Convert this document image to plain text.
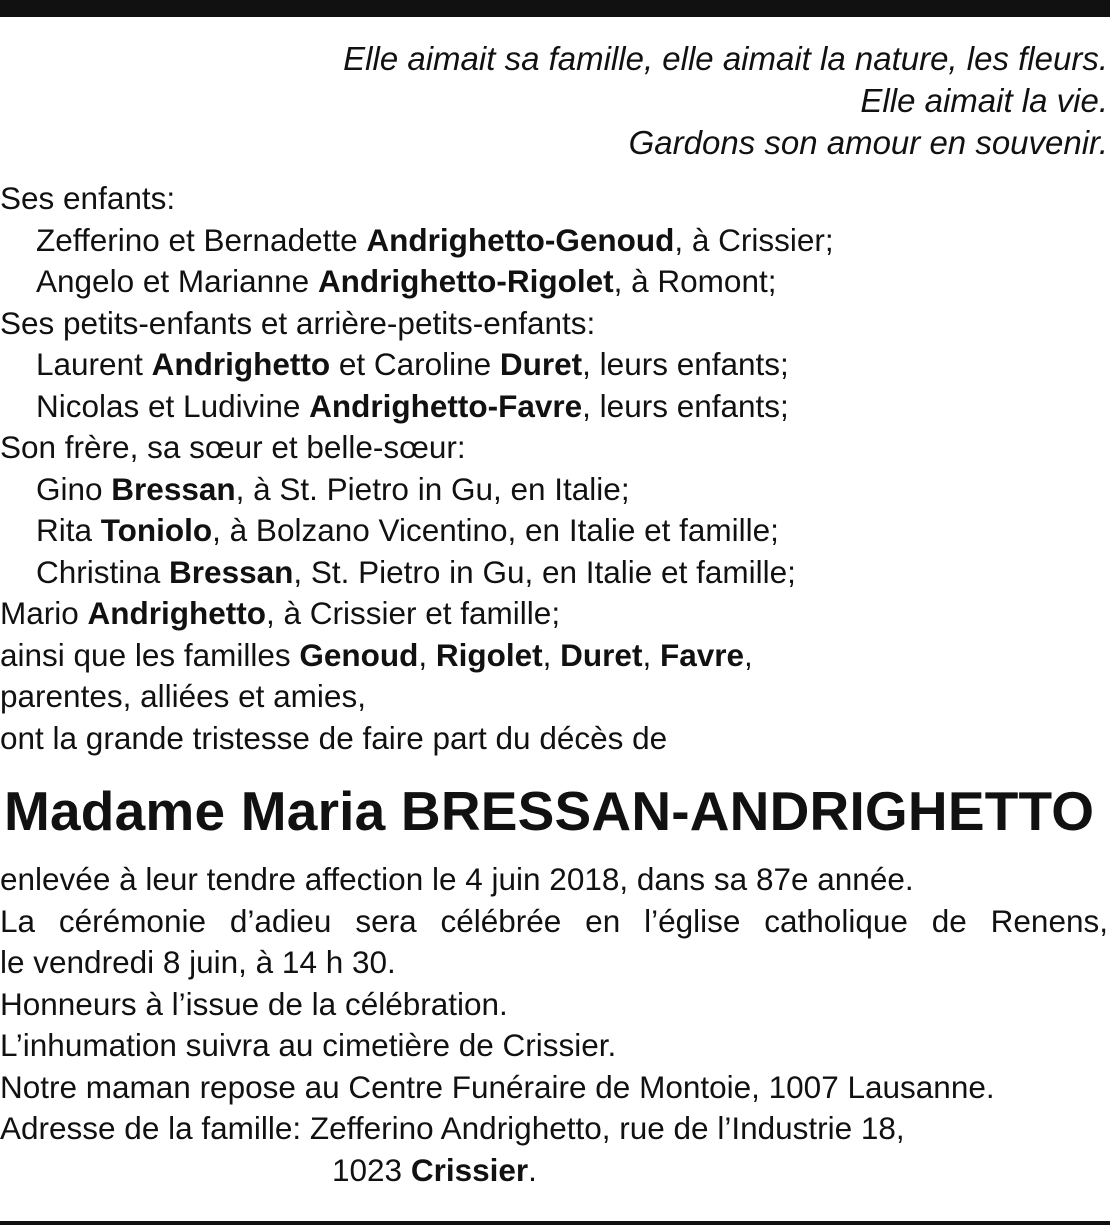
Elle aimait sa famille, elle aimait la nature, les fleurs.
Elle aimait la vie.
Gardons son amour en souvenir.
Ses enfants:
Zefferino et Bernadette Andrighetto-Genoud, à Crissier;
Angelo et Marianne Andrighetto-Rigolet, à Romont;
Ses petits-enfants et arrière-petits-enfants:
Laurent Andrighetto et Caroline Duret, leurs enfants;
Nicolas et Ludivine Andrighetto-Favre, leurs enfants;
Son frère, sa sœur et belle-sœur:
Gino Bressan, à St. Pietro in Gu, en Italie;
Rita Toniolo, à Bolzano Vicentino, en Italie et famille;
Christina Bressan, St. Pietro in Gu, en Italie et famille;
Mario Andrighetto, à Crissier et famille;
ainsi que les familles Genoud, Rigolet, Duret, Favre,
parentes, alliées et amies,
ont la grande tristesse de faire part du décès de
Madame Maria BRESSAN-ANDRIGHETTO
enlevée à leur tendre affection le 4 juin 2018, dans sa 87e année.
La cérémonie d’adieu sera célébrée en l’église catholique de Renens,
le vendredi 8 juin, à 14 h 30.
Honneurs à l’issue de la célébration.
L’inhumation suivra au cimetière de Crissier.
Notre maman repose au Centre Funéraire de Montoie, 1007 Lausanne.
Adresse de la famille: Zefferino Andrighetto, rue de l’Industrie 18,
1023 Crissier.
